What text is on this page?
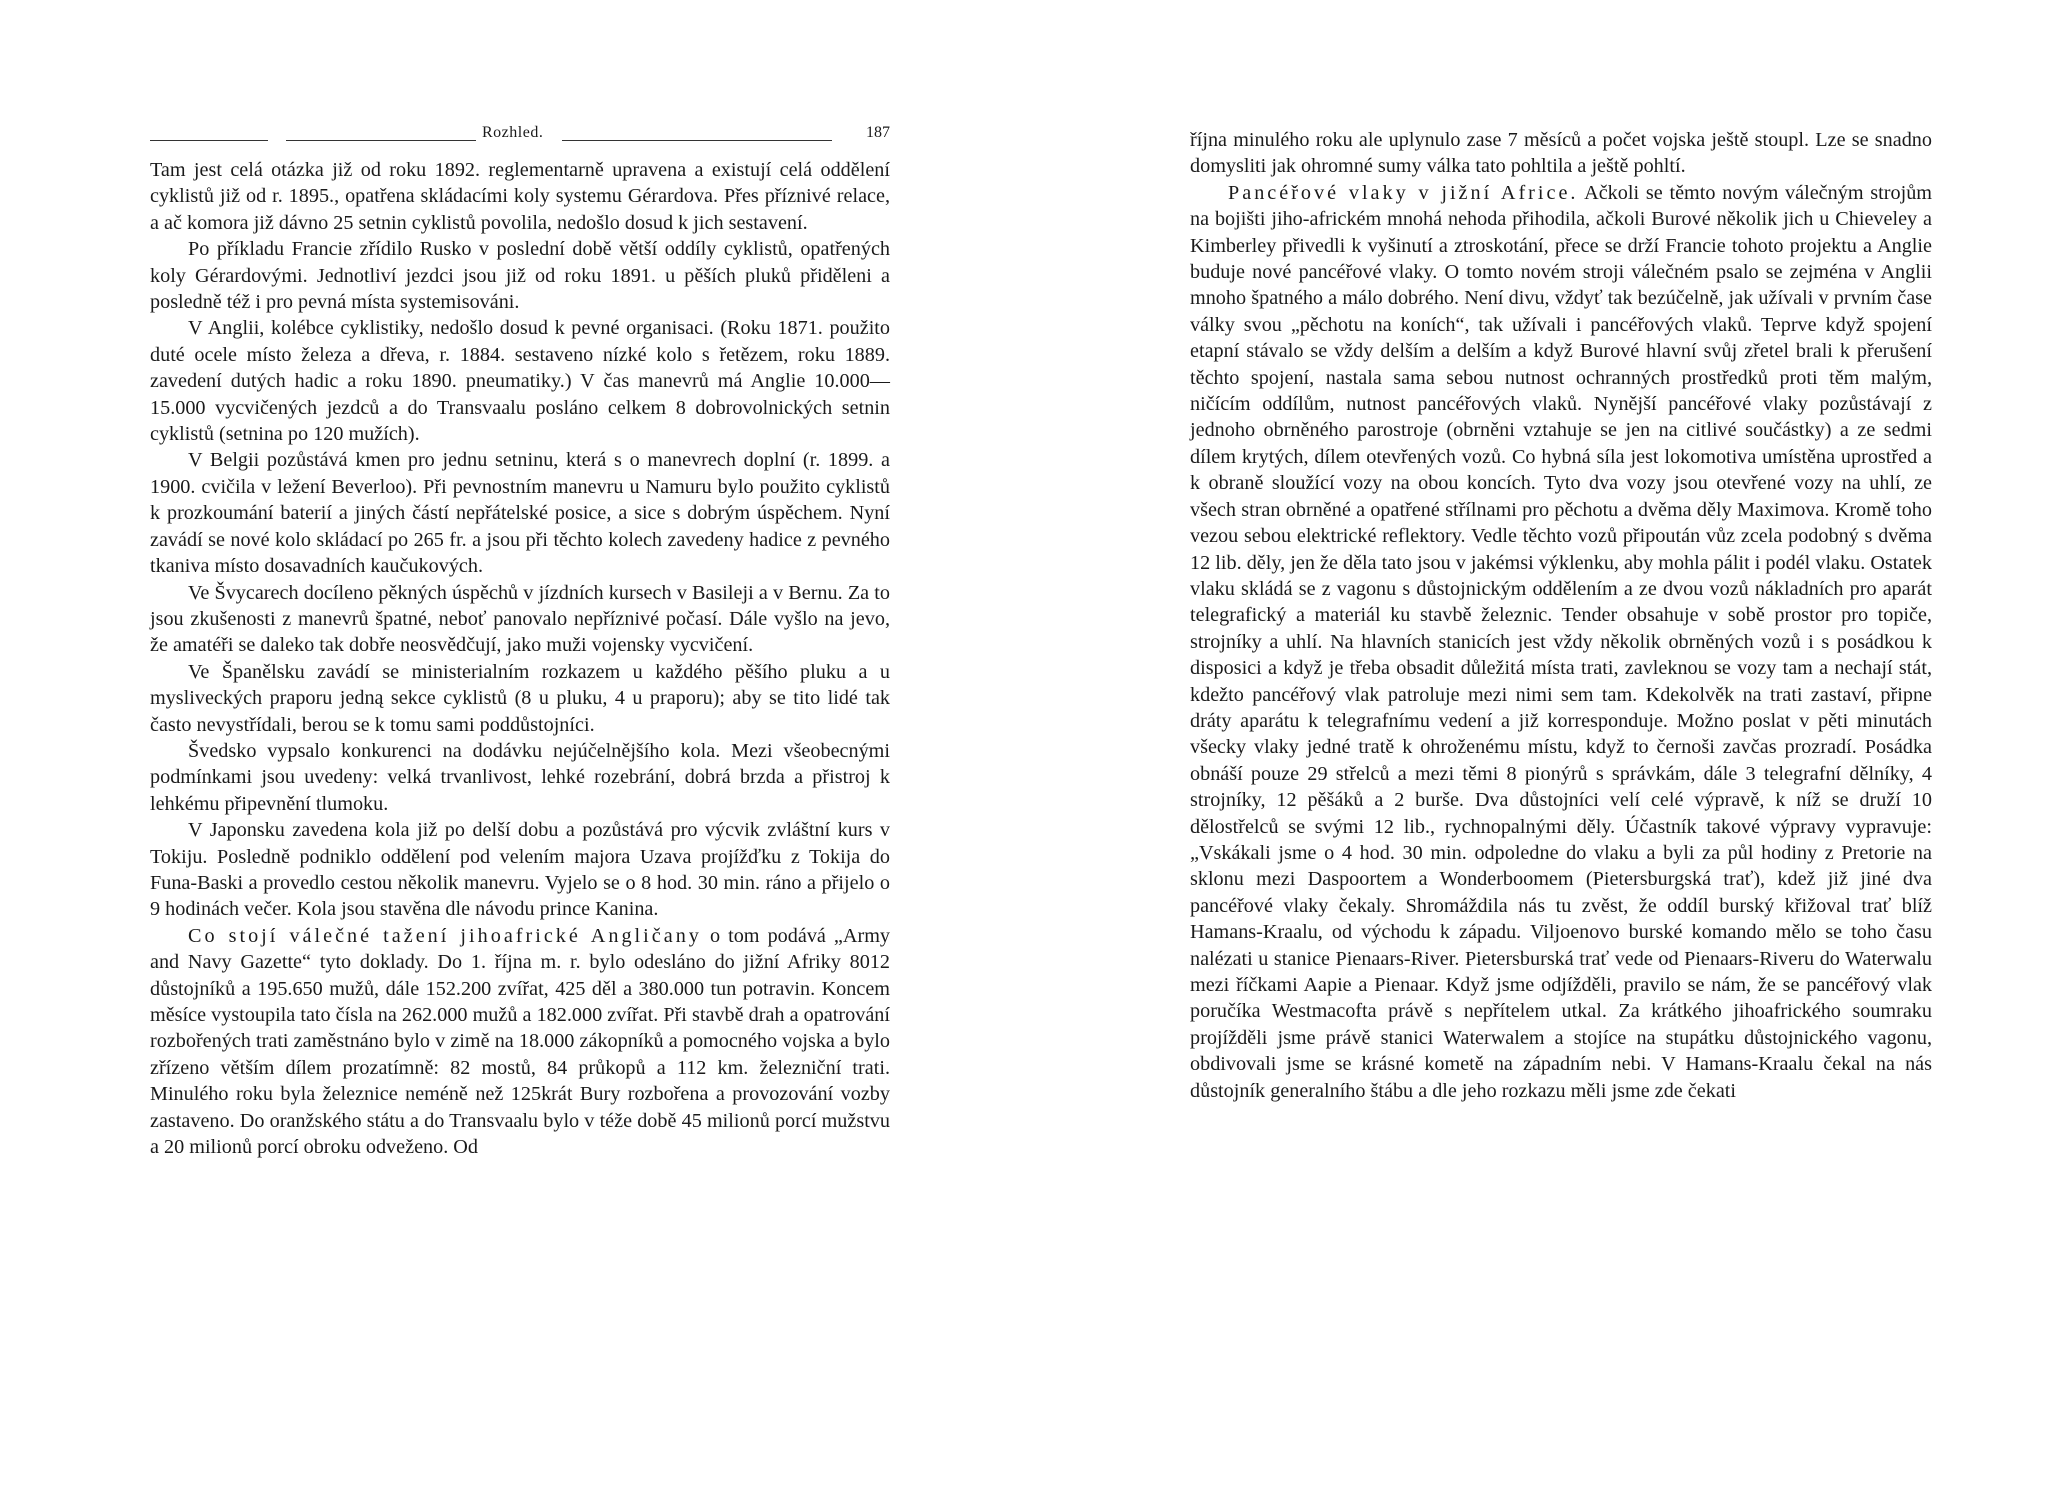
Rozhled.	187

Tam jest celá otázka již od roku 1892. reglementarně upravena a existují celá oddělení cyklistů již od r. 1895., opatřena skládacími koly systemu Gérardova. Přes příznivé relace, a ač komora již dávno 25 setnin cyklistů povolila, nedošlo dosud k jich sestavení.

Po příkladu Francie zřídilo Rusko v poslední době větší oddíly cyklistů, opatřených koly Gérardovými. Jednotliví jezdci jsou již od roku 1891. u pěších pluků přiděleni a posledně též i pro pevná místa systemisováni.

V Anglii, kolébce cyklistiky, nedošlo dosud k pevné organisaci. (Roku 1871. použito duté ocele místo železa a dřeva, r. 1884. sestaveno nízké kolo s řetězem, roku 1889. zavedení dutých hadic a roku 1890. pneumatiky.) V čas manevrů má Anglie 10.000—15.000 vycvičených jezdců a do Transvaalu posláno celkem 8 dobrovolnických setnin cyklistů (setnina po 120 mužích).

V Belgii pozůstává kmen pro jednu setninu, která s o manevrech doplní (r. 1899. a 1900. cvičila v ležení Beverloo). Při pevnostním manevru u Namuru bylo použito cyklistů k prozkoumání baterií a jiných částí nepřátelské posice, a sice s dobrým úspěchem. Nyní zavádí se nové kolo skládací po 265 fr. a jsou při těchto kolech zavedeny hadice z pevného tkaniva místo dosavadních kaučukových.

Ve Švycarech docíleno pěkných úspěchů v jízdních kursech v Basileji a v Bernu. Za to jsou zkušenosti z manevrů špatné, neboť panovalo nepříznivé počasí. Dále vyšlo na jevo, že amatéři se daleko tak dobře neosvědčují, jako muži vojensky vycvičení.

Ve Španělsku zavádí se ministerialním rozkazem u každého pěšího pluku a u mysliveckých praporu jedną sekce cyklistů (8 u pluku, 4 u praporu); aby se tito lidé tak často nevystřídali, berou se k tomu sami poddůstojníci.

Švedsko vypsalo konkurenci na dodávku nejúčelnějšího kola. Mezi všeobecnými podmínkami jsou uvedeny: velká trvanlivost, lehké rozebrání, dobrá brzda a přistroj k lehkému připevnění tlumoku.

V Japonsku zavedena kola již po delší dobu a pozůstává pro výcvik zvláštní kurs v Tokiju. Posledně podniklo oddělení pod velením majora Uzava projížďku z Tokija do Funa-Baski a provedlo cestou několik manevru. Vyjelo se o 8 hod. 30 min. ráno a přijelo o 9 hodinách večer. Kola jsou stavěna dle návodu prince Kanina.

Co stojí válečné tažení jihoafrické Angličany o tom podává „Army and Navy Gazette“ tyto doklady. Do 1. října m. r. bylo odesláno do jižní Afriky 8012 důstojníků a 195.650 mužů, dále 152.200 zvířat, 425 děl a 380.000 tun potravin. Koncem měsíce vystoupila tato čísla na 262.000 mužů a 182.000 zvířat. Při stavbě drah a opatrování rozbořených trati zaměstnáno bylo v zimě na 18.000 zákopníků a pomocného vojska a bylo zřízeno větším dílem prozatímně: 82 mostů, 84 průkopů a 112 km. železniční trati. Minulého roku byla železnice neméně než 125krát Bury rozbořena a provozování vozby zastaveno. Do oranžského státu a do Transvaalu bylo v téže době 45 milionů porcí mužstvu a 20 milionů porcí obroku odveženo. Od

října minulého roku ale uplynulo zase 7 měsíců a počet vojska ještě stoupl. Lze se snadno domysliti jak ohromné sumy válka tato pohltila a ještě pohltí.

Pancéřové vlaky v jižní Africe. Ačkoli se těmto novým válečným strojům na bojišti jiho-africkém mnohá nehoda přihodila, ačkoli Burové několik jich u Chieveley a Kimberley přivedli k vyšinutí a ztroskotání, přece se drží Francie tohoto projektu a Anglie buduje nové pancéřové vlaky. O tomto novém stroji válečném psalo se zejména v Anglii mnoho špatného a málo dobrého. Není divu, vždyť tak bezúčelně, jak užívali v prvním čase války svou „pěchotu na koních“, tak užívali i pancéřových vlaků. Teprve když spojení etapní stávalo se vždy delším a delším a když Burové hlavní svůj zřetel brali k přerušení těchto spojení, nastala sama sebou nutnost ochranných prostředků proti těm malým, ničícím oddílům, nutnost pancéřových vlaků. Nynější pancéřové vlaky pozůstávají z jednoho obrněného parostroje (obrněni vztahuje se jen na citlivé součástky) a ze sedmi dílem krytých, dílem otevřených vozů. Co hybná síla jest lokomotiva umístěna uprostřed a k obraně sloužící vozy na obou koncích. Tyto dva vozy jsou otevřené vozy na uhlí, ze všech stran obrněné a opatřené střílnami pro pěchotu a dvěma děly Maximova. Kromě toho vezou sebou elektrické reflektory. Vedle těchto vozů připoután vůz zcela podobný s dvěma 12 lib. děly, jen že děla tato jsou v jakémsi výklenku, aby mohla pálit i podél vlaku. Ostatek vlaku skládá se z vagonu s důstojnickým oddělením a ze dvou vozů nákladních pro aparát telegrafický a materiál ku stavbě železnic. Tender obsahuje v sobě prostor pro topiče, strojníky a uhlí. Na hlavních stanicích jest vždy několik obrněných vozů i s posádkou k disposici a když je třeba obsadit důležitá místa trati, zavleknou se vozy tam a nechají stát, kdežto pancéřový vlak patroluje mezi nimi sem tam. Kdekolvěk na trati zastaví, připne dráty aparátu k telegrafnímu vedení a již korresponduje. Možno poslat v pěti minutách všecky vlaky jedné tratě k ohroženému místu, když to černoši zavčas prozradí. Posádka obnáší pouze 29 střelců a mezi těmi 8 pionýrů s správkám, dále 3 telegrafní dělníky, 4 strojníky, 12 pěšáků a 2 burše. Dva důstojníci velí celé výpravě, k níž se druží 10 dělostřelců se svými 12 lib., rychnopalnými děly. Účastník takové výpravy vypravuje: „Vskákali jsme o 4 hod. 30 min. odpoledne do vlaku a byli za půl hodiny z Pretorie na sklonu mezi Daspoortem a Wonderboomem (Pietersburgská trať), kdež již jiné dva pancéřové vlaky čekaly. Shromáždila nás tu zvěst, že oddíl burský křižoval trať blíž Hamans-Kraalu, od východu k západu. Viljoenovo burské komando mělo se toho času nalézati u stanice Pienaars-River. Pietersburská trať vede od Pienaars-Riveru do Waterwalu mezi říčkami Aapie a Pienaar. Když jsme odjížděli, pravilo se nám, že se pancéřový vlak poručíka Westmacofta právě s nepřítelem utkal. Za krátkého jihoafrického soumraku projížděli jsme právě stanici Waterwalem a stojíce na stupátku důstojnického vagonu, obdivovali jsme se krásné kometě na západním nebi. V Hamans-Kraalu čekal na nás důstojník generalního štábu a dle jeho rozkazu měli jsme zde čekati
